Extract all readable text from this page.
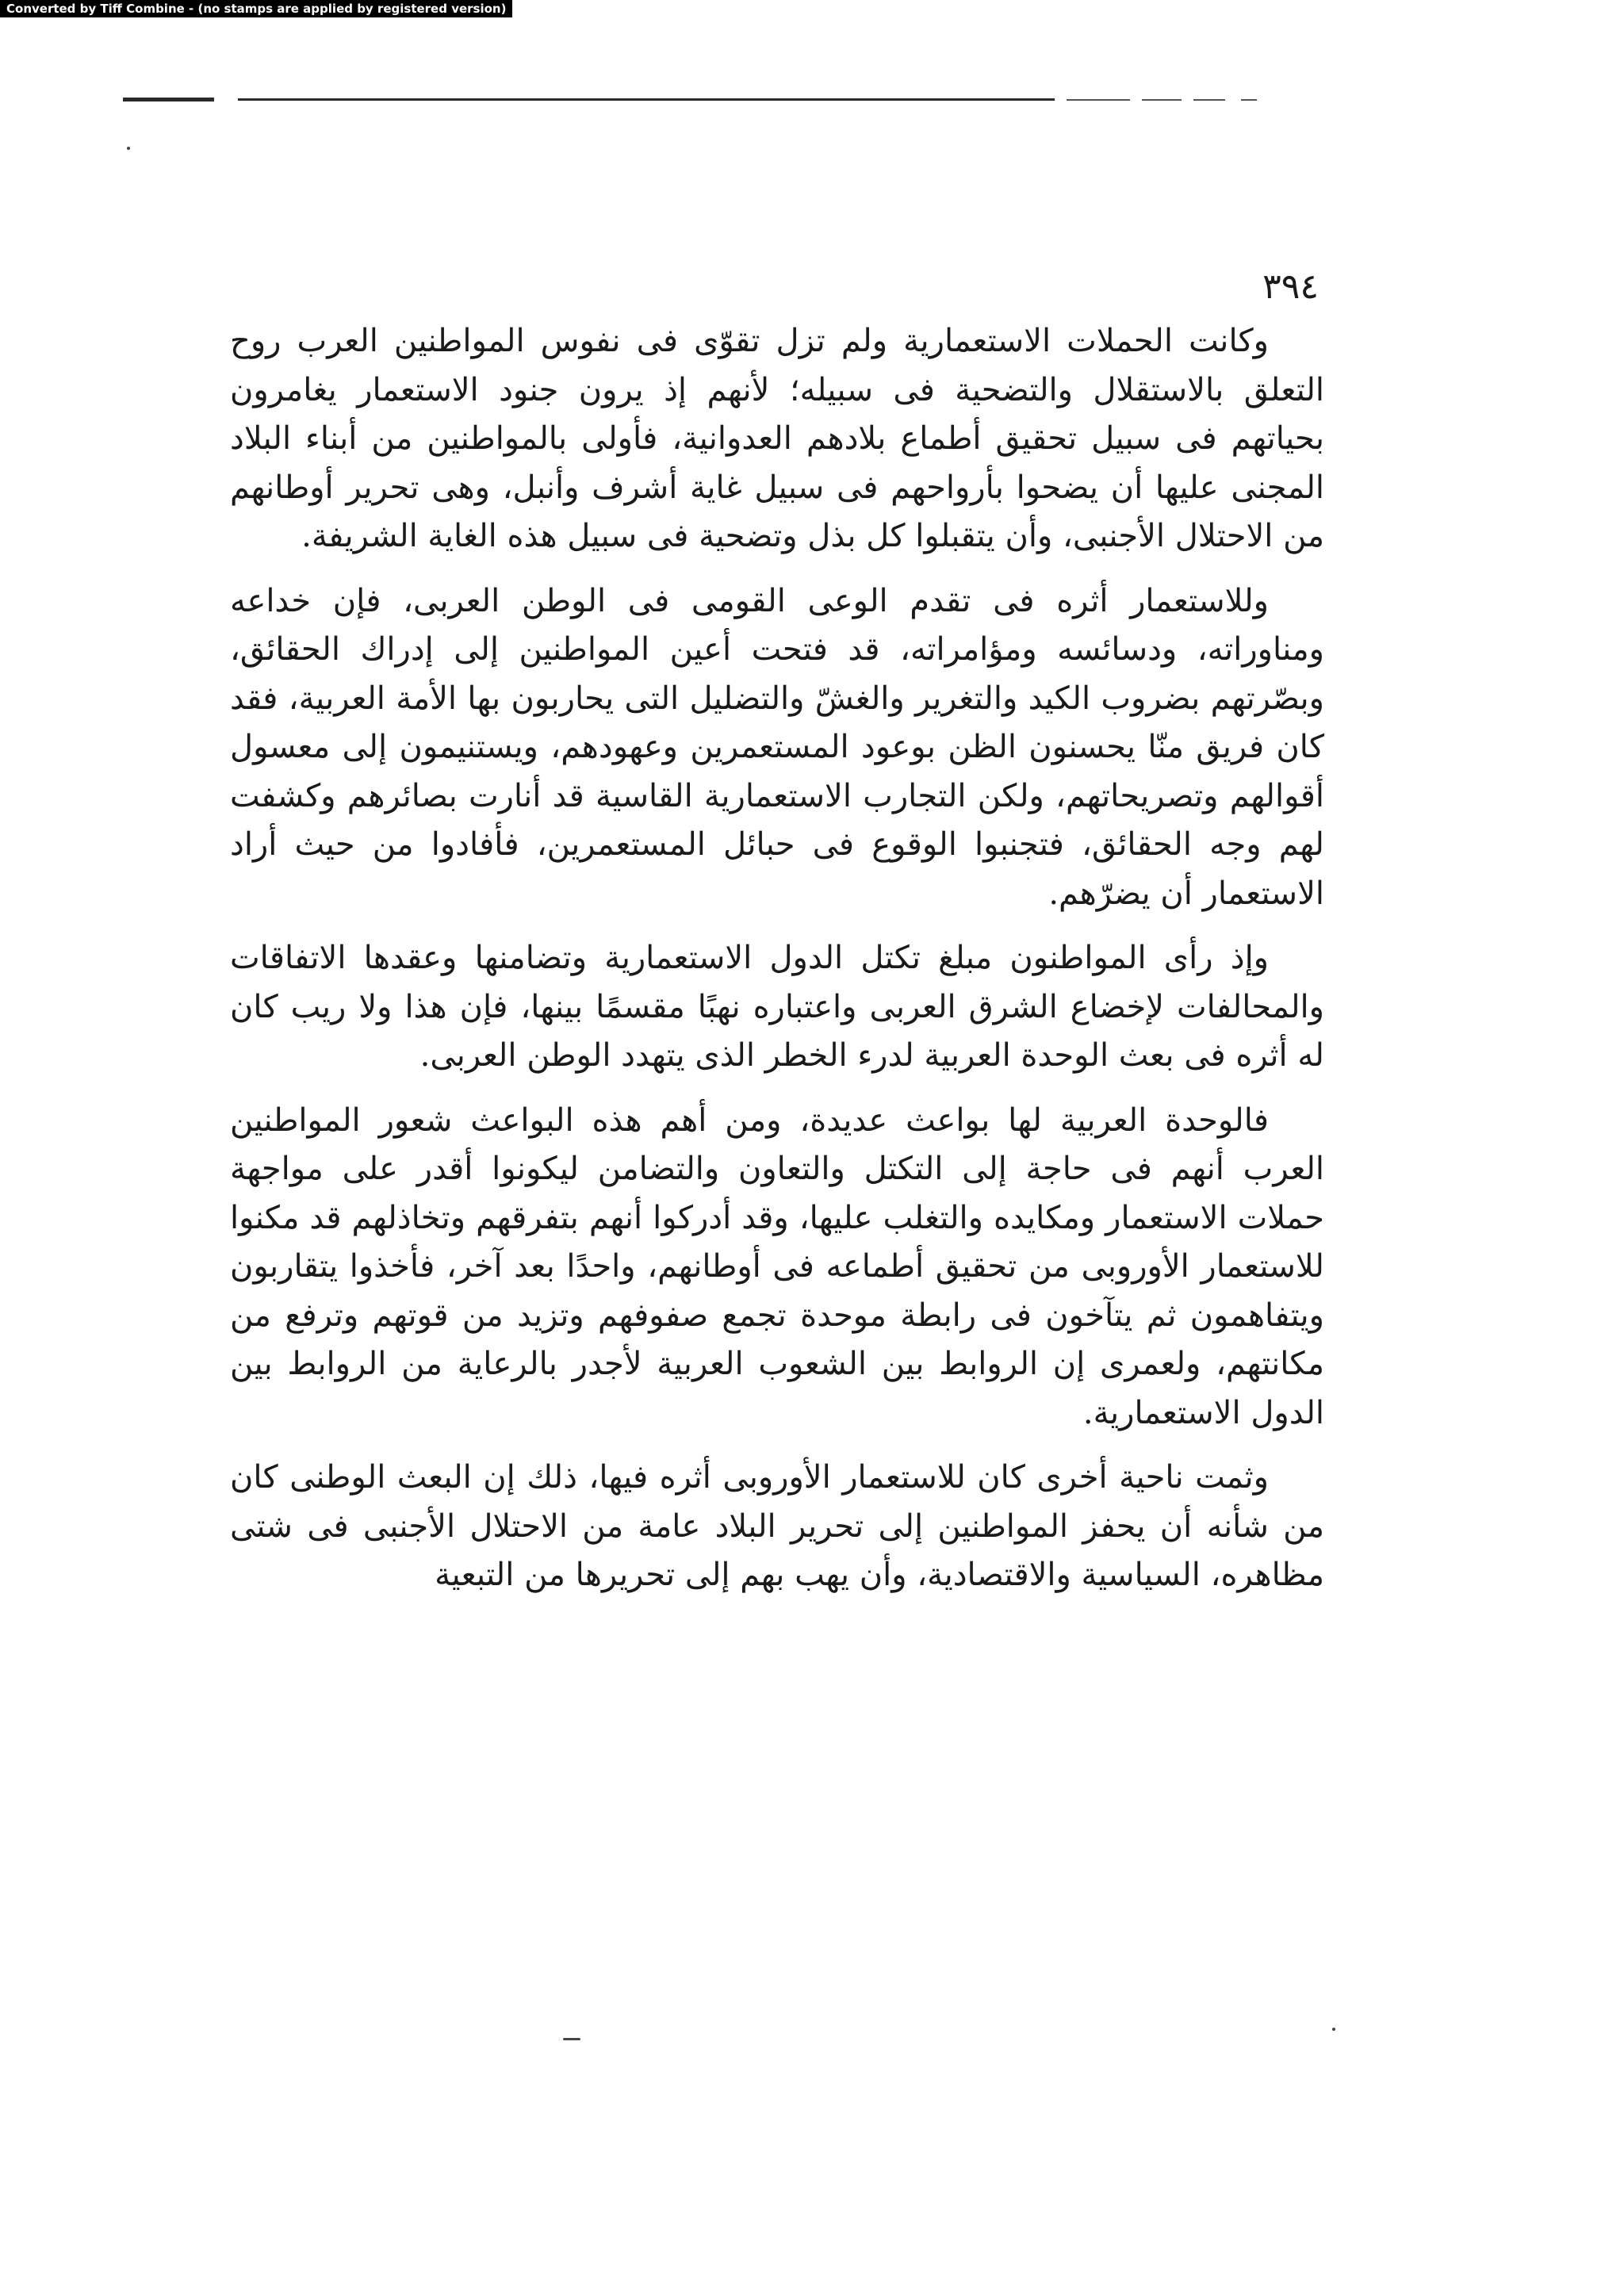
Converted by Tiff Combine - (no stamps are applied by registered version)
٣٩٤

وكانت الحملات الاستعمارية ولم تزل تقوّى فى نفوس المواطنين العرب روح التعلق بالاستقلال والتضحية فى سبيله؛ لأنهم إذ يرون جنود الاستعمار يغامرون بحياتهم فى سبيل تحقيق أطماع بلادهم العدوانية، فأولى بالمواطنين من أبناء البلاد المجنى عليها أن يضحوا بأرواحهم فى سبيل غاية أشرف وأنبل، وهى تحرير أوطانهم من الاحتلال الأجنبى، وأن يتقبلوا كل بذل وتضحية فى سبيل هذه الغاية الشريفة.

وللاستعمار أثره فى تقدم الوعى القومى فى الوطن العربى، فإن خداعه ومناوراته، ودسائسه ومؤامراته، قد فتحت أعين المواطنين إلى إدراك الحقائق، وبصّرتهم بضروب الكيد والتغرير والغشّ والتضليل التى يحاربون بها الأمة العربية، فقد كان فريق منّا يحسنون الظن بوعود المستعمرين وعهودهم، ويستنيمون إلى معسول أقوالهم وتصريحاتهم، ولكن التجارب الاستعمارية القاسية قد أنارت بصائرهم وكشفت لهم وجه الحقائق، فتجنبوا الوقوع فى حبائل المستعمرين، فأفادوا من حيث أراد الاستعمار أن يضرّهم.

وإذ رأى المواطنون مبلغ تكتل الدول الاستعمارية وتضامنها وعقدها الاتفاقات والمحالفات لإخضاع الشرق العربى واعتباره نهبًا مقسمًا بينها، فإن هذا ولا ريب كان له أثره فى بعث الوحدة العربية لدرء الخطر الذى يتهدد الوطن العربى.

فالوحدة العربية لها بواعث عديدة، ومن أهم هذه البواعث شعور المواطنين العرب أنهم فى حاجة إلى التكتل والتعاون والتضامن ليكونوا أقدر على مواجهة حملات الاستعمار ومكايده والتغلب عليها، وقد أدركوا أنهم بتفرقهم وتخاذلهم قد مكنوا للاستعمار الأوروبى من تحقيق أطماعه فى أوطانهم، واحدًا بعد آخر، فأخذوا يتقاربون ويتفاهمون ثم يتآخون فى رابطة موحدة تجمع صفوفهم وتزيد من قوتهم وترفع من مكانتهم، ولعمرى إن الروابط بين الشعوب العربية لأجدر بالرعاية من الروابط بين الدول الاستعمارية.

وثمت ناحية أخرى كان للاستعمار الأوروبى أثره فيها، ذلك إن البعث الوطنى كان من شأنه أن يحفز المواطنين إلى تحرير البلاد عامة من الاحتلال الأجنبى فى شتى مظاهره، السياسية والاقتصادية، وأن يهب بهم إلى تحريرها من التبعية
